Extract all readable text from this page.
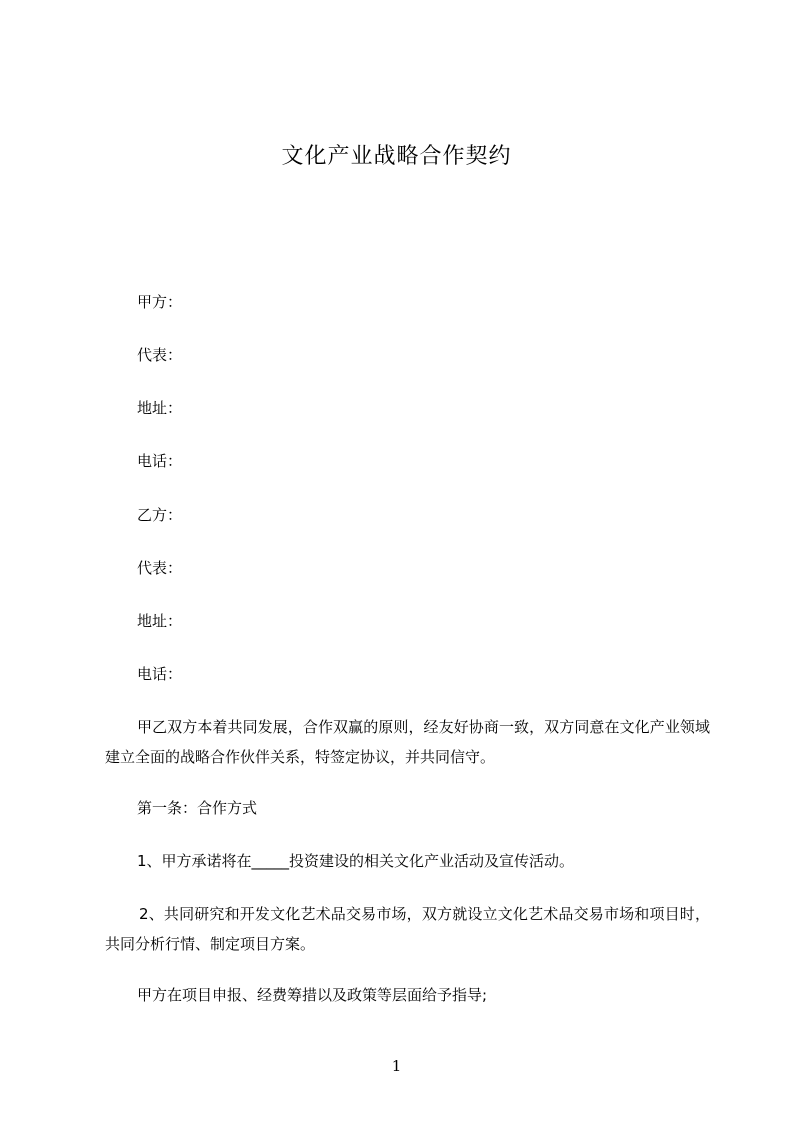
文化产业战略合作契约
甲方：
代表：
地址：
电话：
乙方：
代表：
地址：
电话：

甲乙双方本着共同发展，合作双赢的原则，经友好协商一致，双方同意在文化产业领域建立全面的战略合作伙伴关系，特签定协议，并共同信守。

第一条：合作方式
1、甲方承诺将在_____投资建设的相关文化产业活动及宣传活动。

2、共同研究和开发文化艺术品交易市场，双方就设立文化艺术品交易市场和项目时，共同分析行情、制定项目方案。

甲方在项目申报、经费筹措以及政策等层面给予指导;
1
